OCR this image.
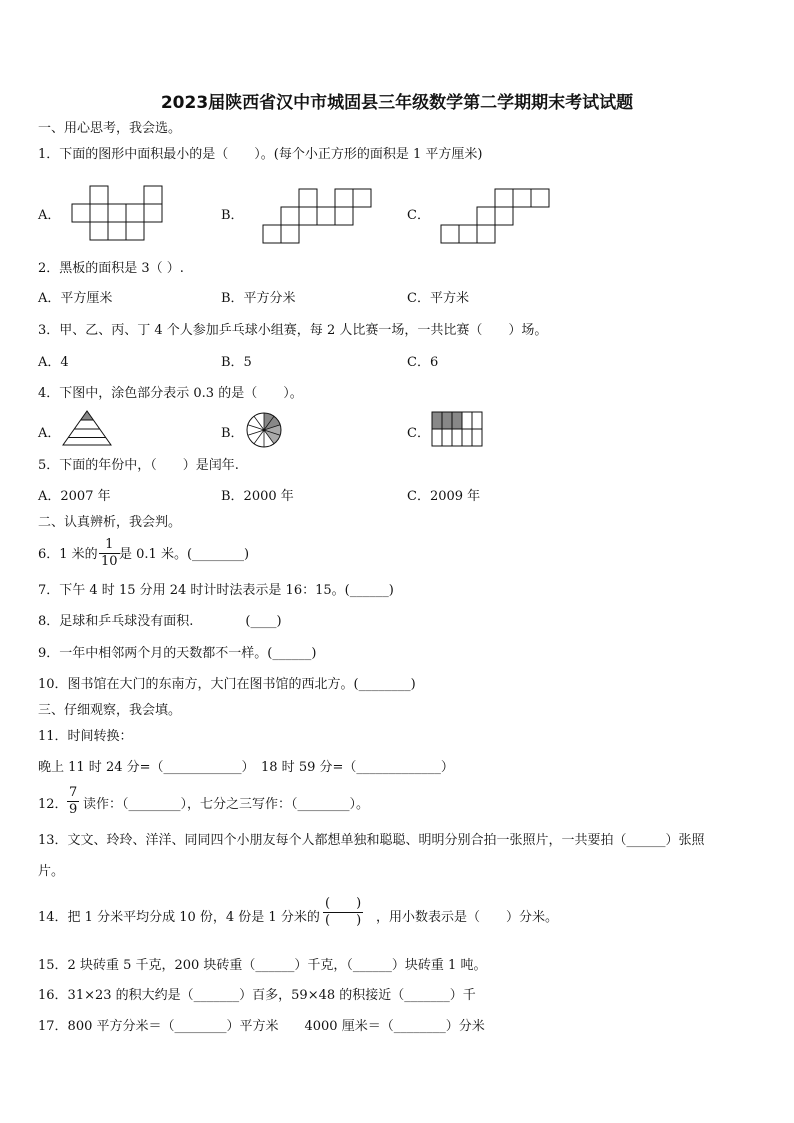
2023届陕西省汉中市城固县三年级数学第二学期期末考试试题
一、用心思考，我会选。
1．下面的图形中面积最小的是（　　）。(每个小正方形的面积是 1 平方厘米)
A．	B．	C．
2．黑板的面积是 3（ ）.
A．平方厘米	B．平方分米	C．平方米
3．甲、乙、丙、丁 4 个人参加乒乓球小组赛，每 2 人比赛一场，一共比赛（　　）场。
A．4	B．5	C．6
4．下图中，涂色部分表示 0.3 的是（　　）。
A．	B．	C．
5．下面的年份中，（　　）是闰年.
A．2007 年	B．2000 年	C．2009 年
二、认真辨析，我会判。
6．1 米的
1
10 是 0.1 米。(________)
7．下午 4 时 15 分用 24 时计时法表示是 16：15。(______)
8．足球和乒乓球没有面积.　　　　(____)
9．一年中相邻两个月的天数都不一样。(______)
10．图书馆在大门的东南方，大门在图书馆的西北方。(________)
三、仔细观察，我会填。
11．时间转换：
晚上 11 时 24 分=（____________）　18 时 59 分=（_____________）
12．
7
9 读作：（________），七分之三写作：（________）。
13．文文、玲玲、洋洋、同同四个小朋友每个人都想单独和聪聪、明明分别合拍一张照片，一共要拍（______）张照
片。
14．把 1 分米平均分成 10 份，4 份是 1 分米的
(　　)
(　　) ，用小数表示是（　　）分米。
15．2 块砖重 5 千克，200 块砖重（______）千克，（______）块砖重 1 吨。
16．31×23 的积大约是（_______）百多，59×48 的积接近（_______）千
17．800 平方分米＝（________）平方米　　4000 厘米＝（________）分米
